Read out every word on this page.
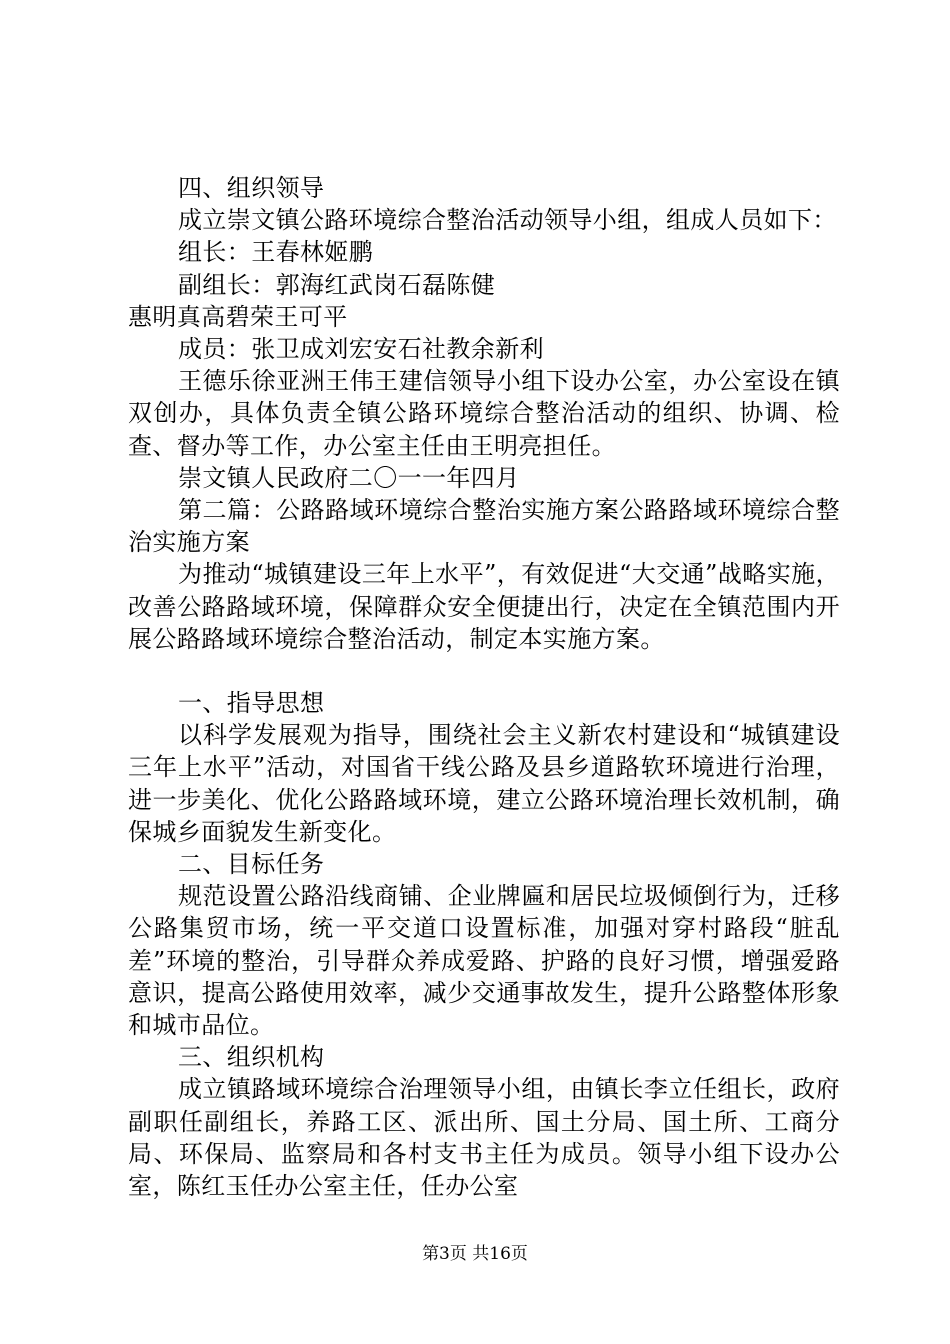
四、组织领导

成立崇文镇公路环境综合整治活动领导小组，组成人员如下：

组长：王春林姬鹏

副组长：郭海红武岗石磊陈健

惠明真高碧荣王可平

成员：张卫成刘宏安石社教余新利

王德乐徐亚洲王伟王建信领导小组下设办公室，办公室设在镇双创办，具体负责全镇公路环境综合整治活动的组织、协调、检查、督办等工作，办公室主任由王明亮担任。

崇文镇人民政府二〇一一年四月

第二篇：公路路域环境综合整治实施方案公路路域环境综合整治实施方案

为推动“城镇建设三年上水平”，有效促进“大交通”战略实施，改善公路路域环境，保障群众安全便捷出行，决定在全镇范围内开展公路路域环境综合整治活动，制定本实施方案。

一、指导思想

以科学发展观为指导，围绕社会主义新农村建设和“城镇建设三年上水平”活动，对国省干线公路及县乡道路软环境进行治理，进一步美化、优化公路路域环境，建立公路环境治理长效机制，确保城乡面貌发生新变化。

二、目标任务

规范设置公路沿线商铺、企业牌匾和居民垃圾倾倒行为，迁移公路集贸市场，统一平交道口设置标准，加强对穿村路段“脏乱差”环境的整治，引导群众养成爱路、护路的良好习惯，增强爱路意识，提高公路使用效率，减少交通事故发生，提升公路整体形象和城市品位。

三、组织机构

成立镇路域环境综合治理领导小组，由镇长李立任组长，政府副职任副组长，养路工区、派出所、国土分局、国土所、工商分局、环保局、监察局和各村支书主任为成员。领导小组下设办公室，陈红玉任办公室主任，任办公室

第3页 共16页
